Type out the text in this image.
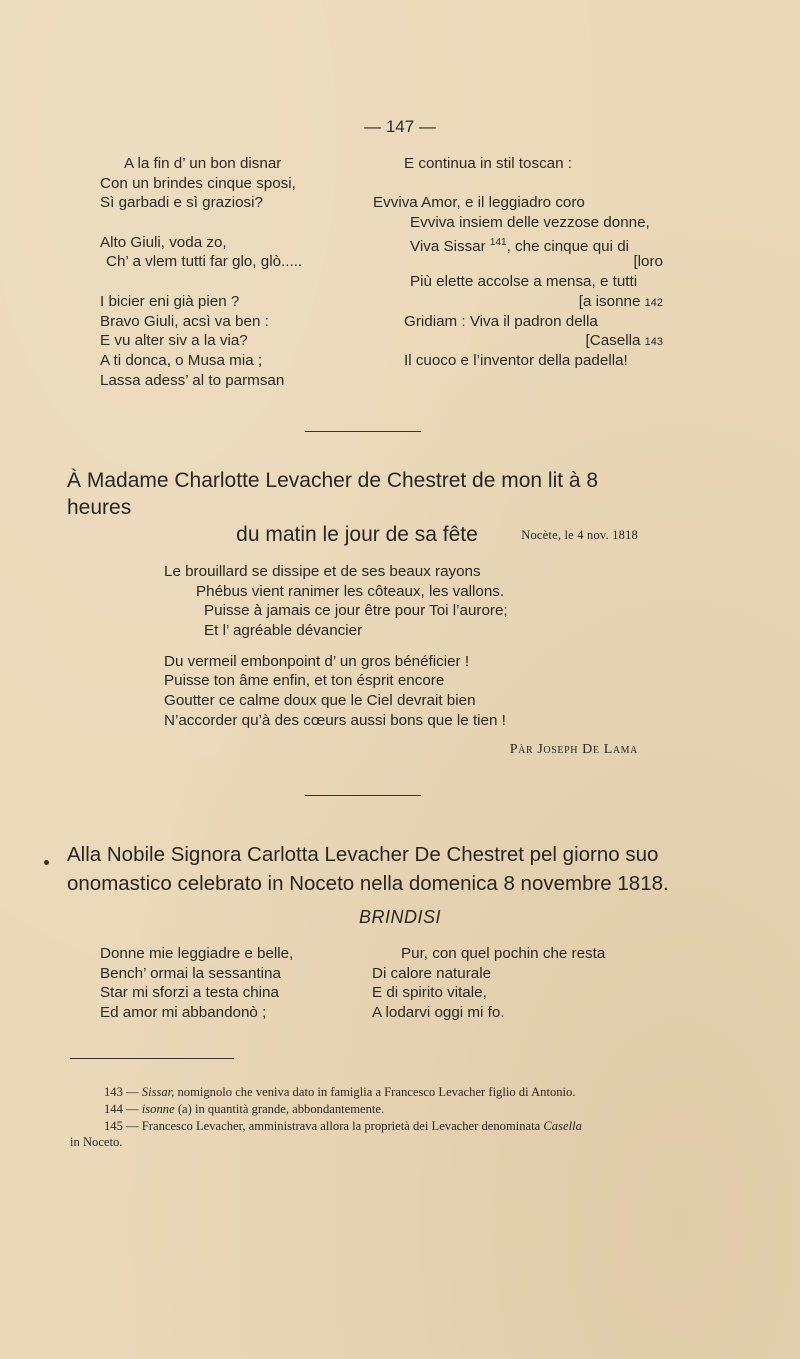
— 147 —
A la fin d’ un bon disnar
Con un brindes cinque sposi,
Sì garbadi e sì graziosi?
Alto Giuli, voda zo,
Ch’ a vlem tutti far glo, glò.....
I bicier eni già pien ?
Bravo Giuli, acsì va ben :
E vu alter siv a la via?
A ti donca, o Musa mia ;
Lassa adess’ al to parmsan
E continua in stil toscan :
Evviva Amor, e il leggiadro coro
Evviva insiem delle vezzose donne,
Viva Sissar $^{141}$, che cinque qui di
[loro
Più elette accolse a mensa, e tutti
[a isonne 142
Gridiam : Viva il padron della
[Casella 143
Il cuoco e l’inventor della padella!
À Madame Charlotte Levacher de Chestret de mon lit à 8 heures
du matin le jour de sa fête	Nocète, le 4 nov. 1818
Le brouillard se dissipe et de ses beaux rayons
Phébus vient ranimer les côteaux, les vallons.
Puisse à jamais ce jour être pour Toi l’aurore;
Et l’ agréable dévancier
Du vermeil embonpoint d’ un gros bénéficier !
Puisse ton âme enfin, et ton ésprit encore
Goutter ce calme doux que le Ciel devrait bien
N’accorder qu’à des cœurs aussi bons que le tien !
Pàr Joseph De Lama
Alla Nobile Signora Carlotta Levacher De Chestret pel giorno suo
onomastico celebrato in Noceto nella domenica 8 novembre 1818.
BRINDISI
Donne mie leggiadre e belle,
Bench’ ormai la sessantina
Star mi sforzi a testa china
Ed amor mi abbandonò ;
Pur, con quel pochin che resta
Di calore naturale
E di spirito vitale,
A lodarvi oggi mi fo.
143 — Sissar, nomignolo che veniva dato in famiglia a Francesco Levacher figlio di Antonio.
144 — isonne (a) in quantità grande, abbondantemente.
145 — Francesco Levacher, amministrava allora la proprietà dei Levacher denominata Casella
in Noceto.
